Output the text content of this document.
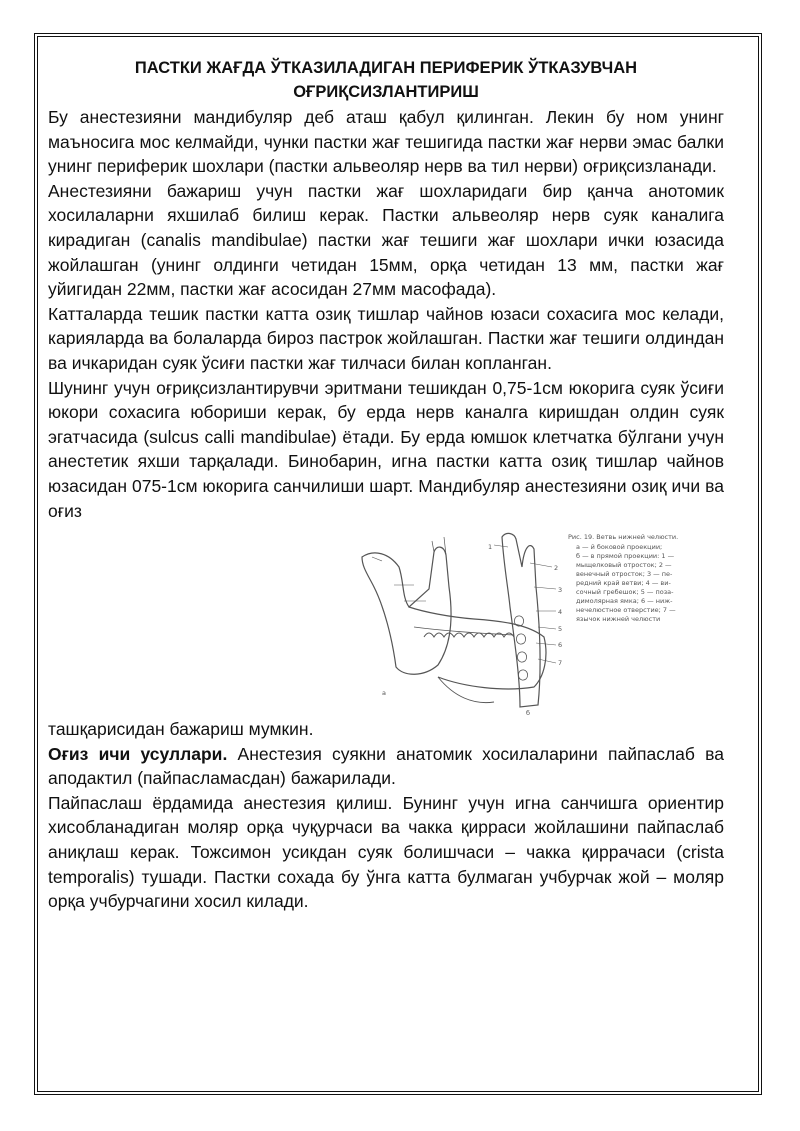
ПАСТКИ ЖАҒДА ЎТКАЗИЛАДИГАН ПЕРИФЕРИК ЎТКАЗУВЧАН
ОҒРИҚСИЗЛАНТИРИШ

Бу анестезияни мандибуляр деб аташ қабул қилинган. Лекин бу ном унинг маъносига мос келмайди, чунки пастки жағ тешигида пастки жағ нерви эмас балки унинг периферик шохлари (пастки альвеоляр нерв ва тил нерви) оғриқсизланади.

Анестезияни бажариш учун пастки жағ шохларидаги бир қанча анотомик хосилаларни яхшилаб билиш керак. Пастки альвеоляр нерв суяк каналига кирадиган (canalis mandibulae) пастки жағ тешиги жағ шохлари ички юзасида жойлашган (унинг олдинги четидан 15мм, орқа четидан 13 мм, пастки жағ уйигидан 22мм, пастки жағ асосидан 27мм масофада).

Катталарда тешик пастки катта озиқ тишлар чайнов юзаси сохасига мос келади, карияларда ва болаларда бироз пастрок жойлашган. Пастки жағ тешиги олдиндан ва ичкаридан суяк ўсиғи пастки жағ тилчаси билан копланган.

Шунинг учун оғриқсизлантирувчи эритмани тешикдан 0,75-1см юкорига суяк ўсиғи юкори сохасига юбориши керак, бу ерда нерв каналга киришдан олдин суяк эгатчасида (sulcus calli mandibulae) ётади. Бу ерда юмшок клетчатка бўлгани учун анестетик яхши тарқалади. Бинобарин, игна пастки катта озиқ тишлар чайнов юзасидан 075-1см юкорига санчилиши шарт. Мандибуляр анестезияни озиқ ичи ва оғиз

а
1
2
3
4
5
6
7
б
Рис. 19. Ветвь нижней челюсти.
а — й боковой проекции;
б — в прямой проекции: 1 —
мыщелковый отросток; 2 —
венечный отросток; 3 — пе-
редний край ветви; 4 — ви-
сочный гребешок; 5 — поза-
димолярная ямка; 6 — ниж-
нечелюстное отверстие; 7 —
язычок нижней челюсти

ташқарисидан бажариш мумкин.

Оғиз ичи усуллари. Анестезия суякни анатомик хосилаларини пайпаслаб ва аподактил (пайпасламасдан) бажарилади.

Пайпаслаш ёрдамида анестезия қилиш. Бунинг учун игна санчишга ориентир хисобланадиган моляр орқа чуқурчаси ва чакка қирраси жойлашини пайпаслаб аниқлаш керак. Тожсимон усикдан суяк болишчаси – чакка қиррачаси (crista temporalis) тушади. Пастки сохада бу ўнга катта булмаган учбурчак жой – моляр орқа учбурчагини хосил килади.
